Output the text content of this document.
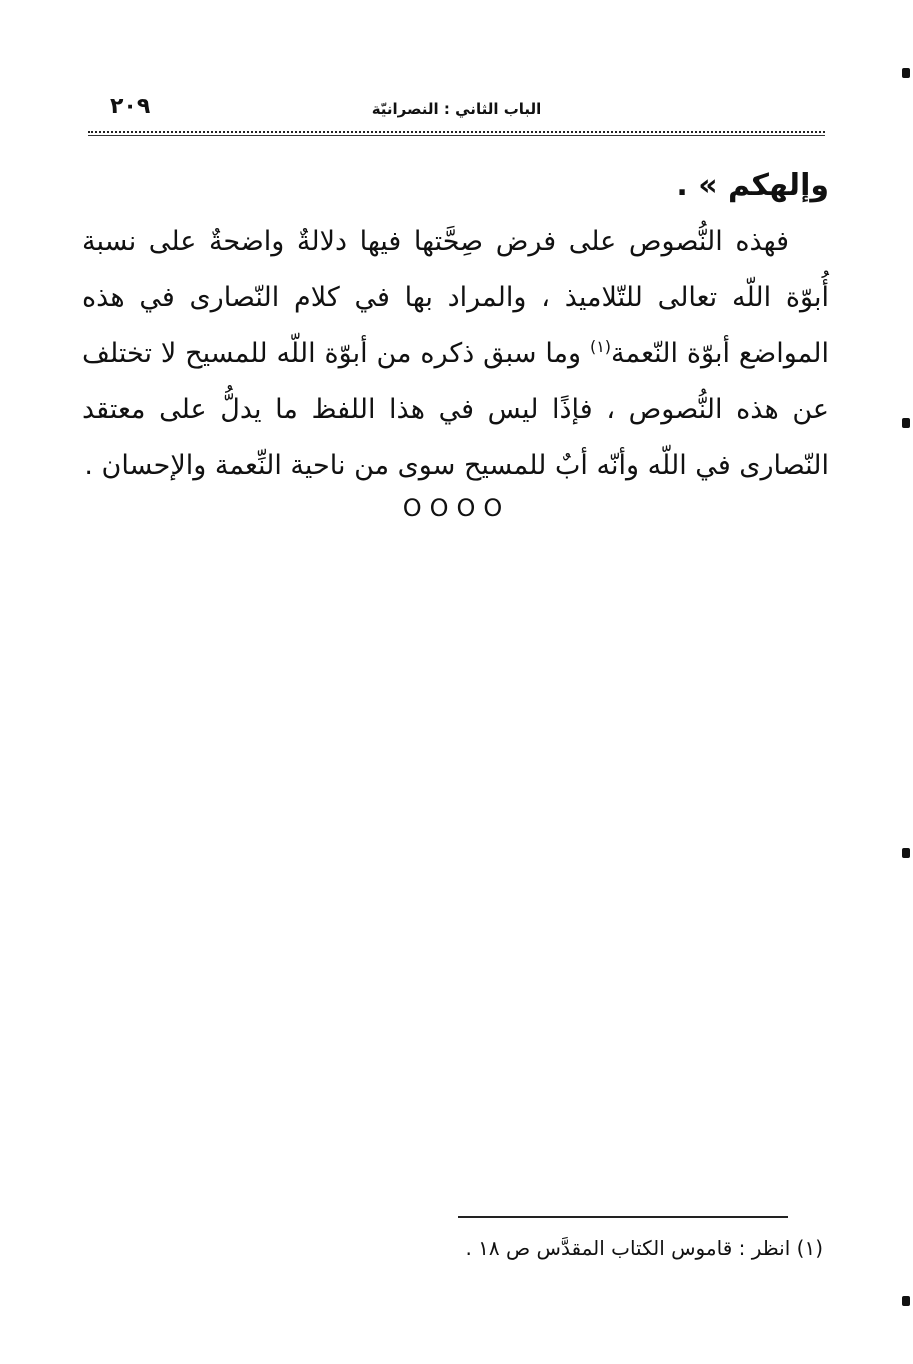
الباب الثاني : النصرانيّة
٢٠٩

وإلهكم » .

فهذه النُّصوص على فرض صِحَّتها فيها دلالةٌ واضحةٌ على نسبة أُبوّة اللّه تعالى للتّلاميذ ، والمراد بها في كلام النّصارى في هذه المواضع أبوّة النّعمة$^{(١)}$ وما سبق ذكره من أبوّة اللّه للمسيح لا تختلف عن هذه النُّصوص ، فإذًا ليس في هذا اللفظ ما يدلُّ على معتقد النّصارى في اللّه وأنّه أبٌ للمسيح سوى من ناحية النِّعمة والإحسان .

OOOO
(١) انظر : قاموس الكتاب المقدَّس ص ١٨ .
